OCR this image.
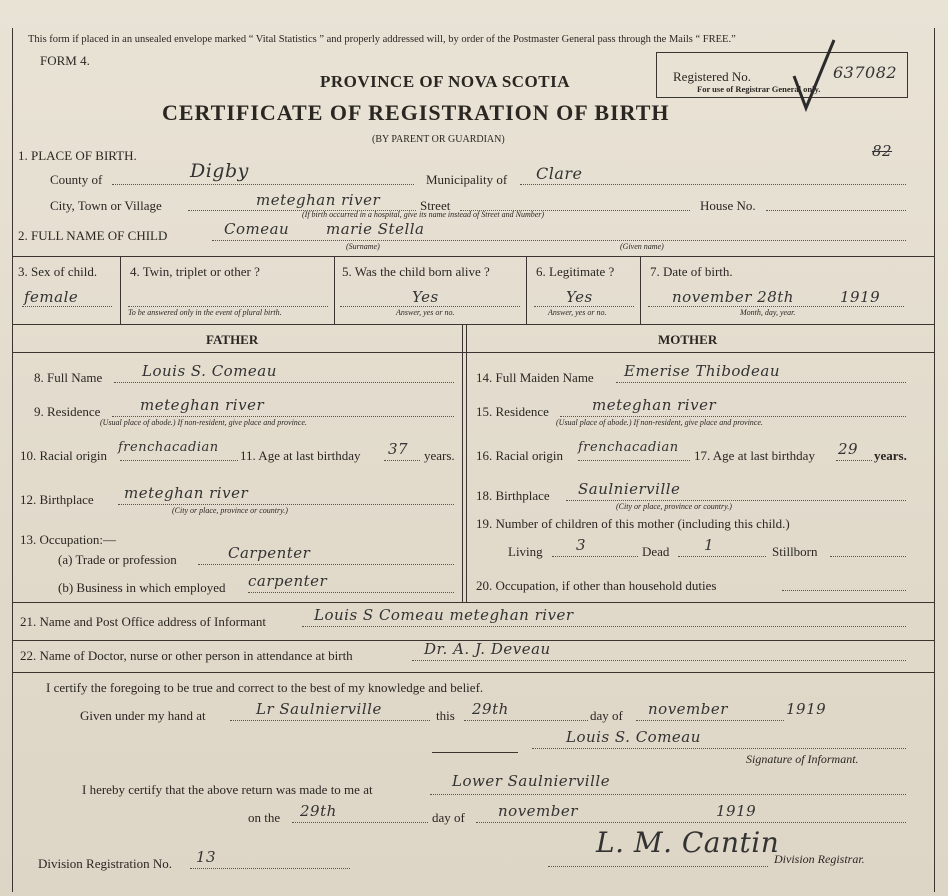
This form if placed in an unsealed envelope marked “ Vital Statistics ” and properly addressed will, by order of the Postmaster General pass through the Mails “ FREE.”
FORM 4.
PROVINCE OF NOVA SCOTIA
CERTIFICATE OF REGISTRATION OF BIRTH
(BY PARENT OR GUARDIAN)
Registered No.	637082
For use of Registrar General only.
82
1. PLACE OF BIRTH.
County of	Digby	Municipality of Clare
City, Town or Village	meteghan river	Street	House No.
(If birth occurred in a hospital, give its name instead of Street and Number)
2. FULL NAME OF CHILD	Comeau marie Stella
(Surname)	(Given name)
3. Sex of child.
female
4. Twin, triplet or other ?
To be answered only in the event of plural birth.
5. Was the child born alive ?
Yes
Answer, yes or no.
6. Legitimate ?
Yes
Answer, yes or no.
7. Date of birth.
november 28th	1919
Month, day, year.
FATHER	MOTHER
8. Full Name	Louis S. Comeau
9. Residence	meteghan river
(Usual place of abode.) If non-resident, give place and province.
10. Racial origin
frenchacadian
11. Age at last birthday 37 years.
12. Birthplace meteghan river
(City or place, province or country.)
13. Occupation:—
(a) Trade or profession	Carpenter
(b) Business in which employed carpenter
14. Full Maiden Name Emerise Thibodeau
15. Residence	meteghan river
(Usual place of abode.) If non-resident, give place and province.
16. Racial origin
frenchacadian
17. Age at last birthday 29 years.
18. Birthplace Saulnierville
(City or place, province or country.)
19. Number of children of this mother (including this child.)
Living 3	Dead 1	Stillborn
20. Occupation, if other than household duties
21. Name and Post Office address of Informant	Louis S Comeau meteghan river
22. Name of Doctor, nurse or other person in attendance at birth	Dr. A. J. Deveau
I certify the foregoing to be true and correct to the best of my knowledge and belief.
Given under my hand at	Lr Saulnierville	this 29th	day of november	1919
Louis S. Comeau
Signature of Informant.
I hereby certify that the above return was made to me at	Lower Saulnierville
on the 29th	day of november	1919
Division Registration No. 13	L. M. Cantin
Division Registrar.
